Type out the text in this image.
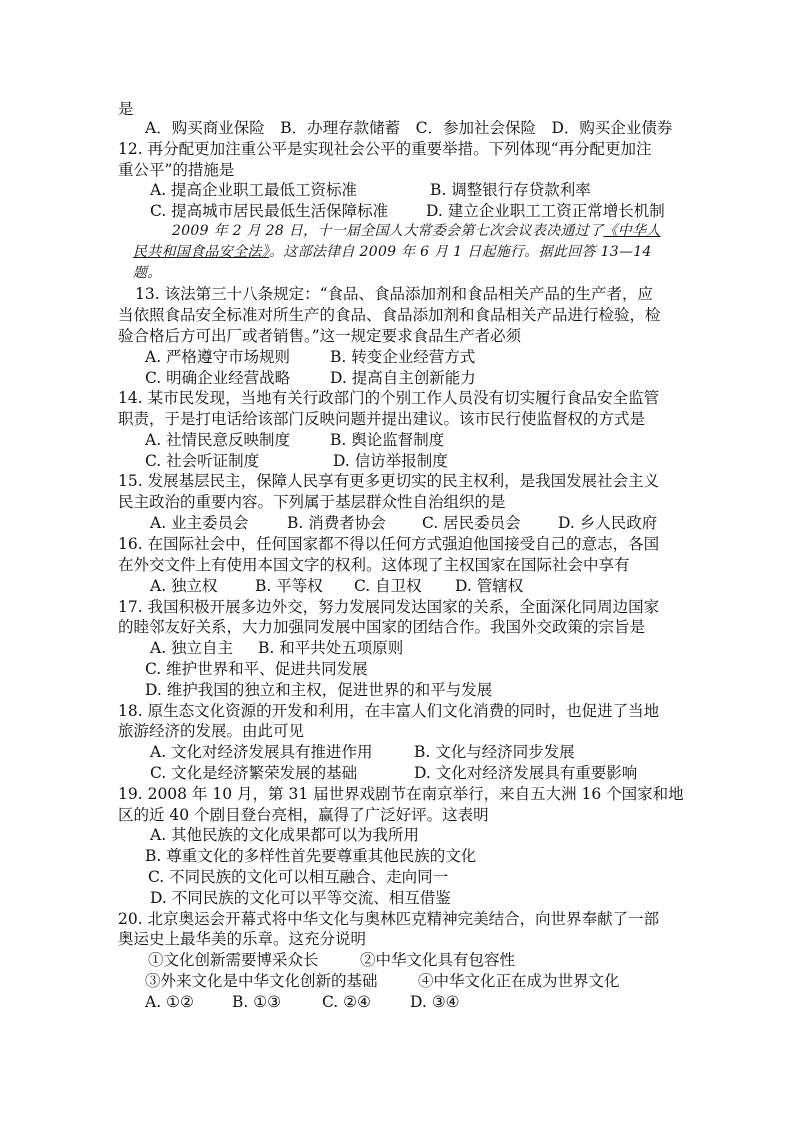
是
A．购买商业保险　B．办理存款储蓄　C．参加社会保险　D．购买企业债券
12. 再分配更加注重公平是实现社会公平的重要举措。下列体现“再分配更加注
重公平”的措施是
A. 提高企业职工最低工资标准	B. 调整银行存贷款利率
C. 提高城市居民最低生活保障标准 D. 建立企业职工工资正常增长机制
2009 年 2 月 28 日，十一届全国人大常委会第七次会议表决通过了《中华人
民共和国食品安全法》。这部法律自 2009 年 6 月 1 日起施行。据此回答 13—14
题。
13. 该法第三十八条规定：“食品、食品添加剂和食品相关产品的生产者，应
当依照食品安全标准对所生产的食品、食品添加剂和食品相关产品进行检验，检
验合格后方可出厂或者销售。”这一规定要求食品生产者必须
A. 严格遵守市场规则	B. 转变企业经营方式
C. 明确企业经营战略	D. 提高自主创新能力
14. 某市民发现，当地有关行政部门的个别工作人员没有切实履行食品安全监管
职责，于是打电话给该部门反映问题并提出建议。该市民行使监督权的方式是
A. 社情民意反映制度	B. 舆论监督制度
C. 社会听证制度	D. 信访举报制度
15. 发展基层民主，保障人民享有更多更切实的民主权利，是我国发展社会主义
民主政治的重要内容。下列属于基层群众性自治组织的是
A. 业主委员会 B. 消费者协会 C. 居民委员会 D. 乡人民政府
16. 在国际社会中，任何国家都不得以任何方式强迫他国接受自己的意志，各国
在外交文件上有使用本国文字的权利。这体现了主权国家在国际社会中享有
A. 独立权 B. 平等权 C. 自卫权 D. 管辖权
17. 我国积极开展多边外交，努力发展同发达国家的关系，全面深化同周边国家
的睦邻友好关系，大力加强同发展中国家的团结合作。我国外交政策的宗旨是
A. 独立自主 B. 和平共处五项原则
C. 维护世界和平、促进共同发展
D. 维护我国的独立和主权，促进世界的和平与发展
18. 原生态文化资源的开发和利用，在丰富人们文化消费的同时，也促进了当地
旅游经济的发展。由此可见
A. 文化对经济发展具有推进作用	B. 文化与经济同步发展
C. 文化是经济繁荣发展的基础	D. 文化对经济发展具有重要影响
19. 2008 年 10 月，第 31 届世界戏剧节在南京举行，来自五大洲 16 个国家和地
区的近 40 个剧目登台亮相，赢得了广泛好评。这表明
A. 其他民族的文化成果都可以为我所用
B. 尊重文化的多样性首先要尊重其他民族的文化
C. 不同民族的文化可以相互融合、走向同一
D. 不同民族的文化可以平等交流、相互借鉴
20. 北京奥运会开幕式将中华文化与奥林匹克精神完美结合，向世界奉献了一部
奥运史上最华美的乐章。这充分说明
①文化创新需要博采众长	②中华文化具有包容性
③外来文化是中华文化创新的基础	④中华文化正在成为世界文化
A. ①② B. ①③	C. ②④	D. ③④
